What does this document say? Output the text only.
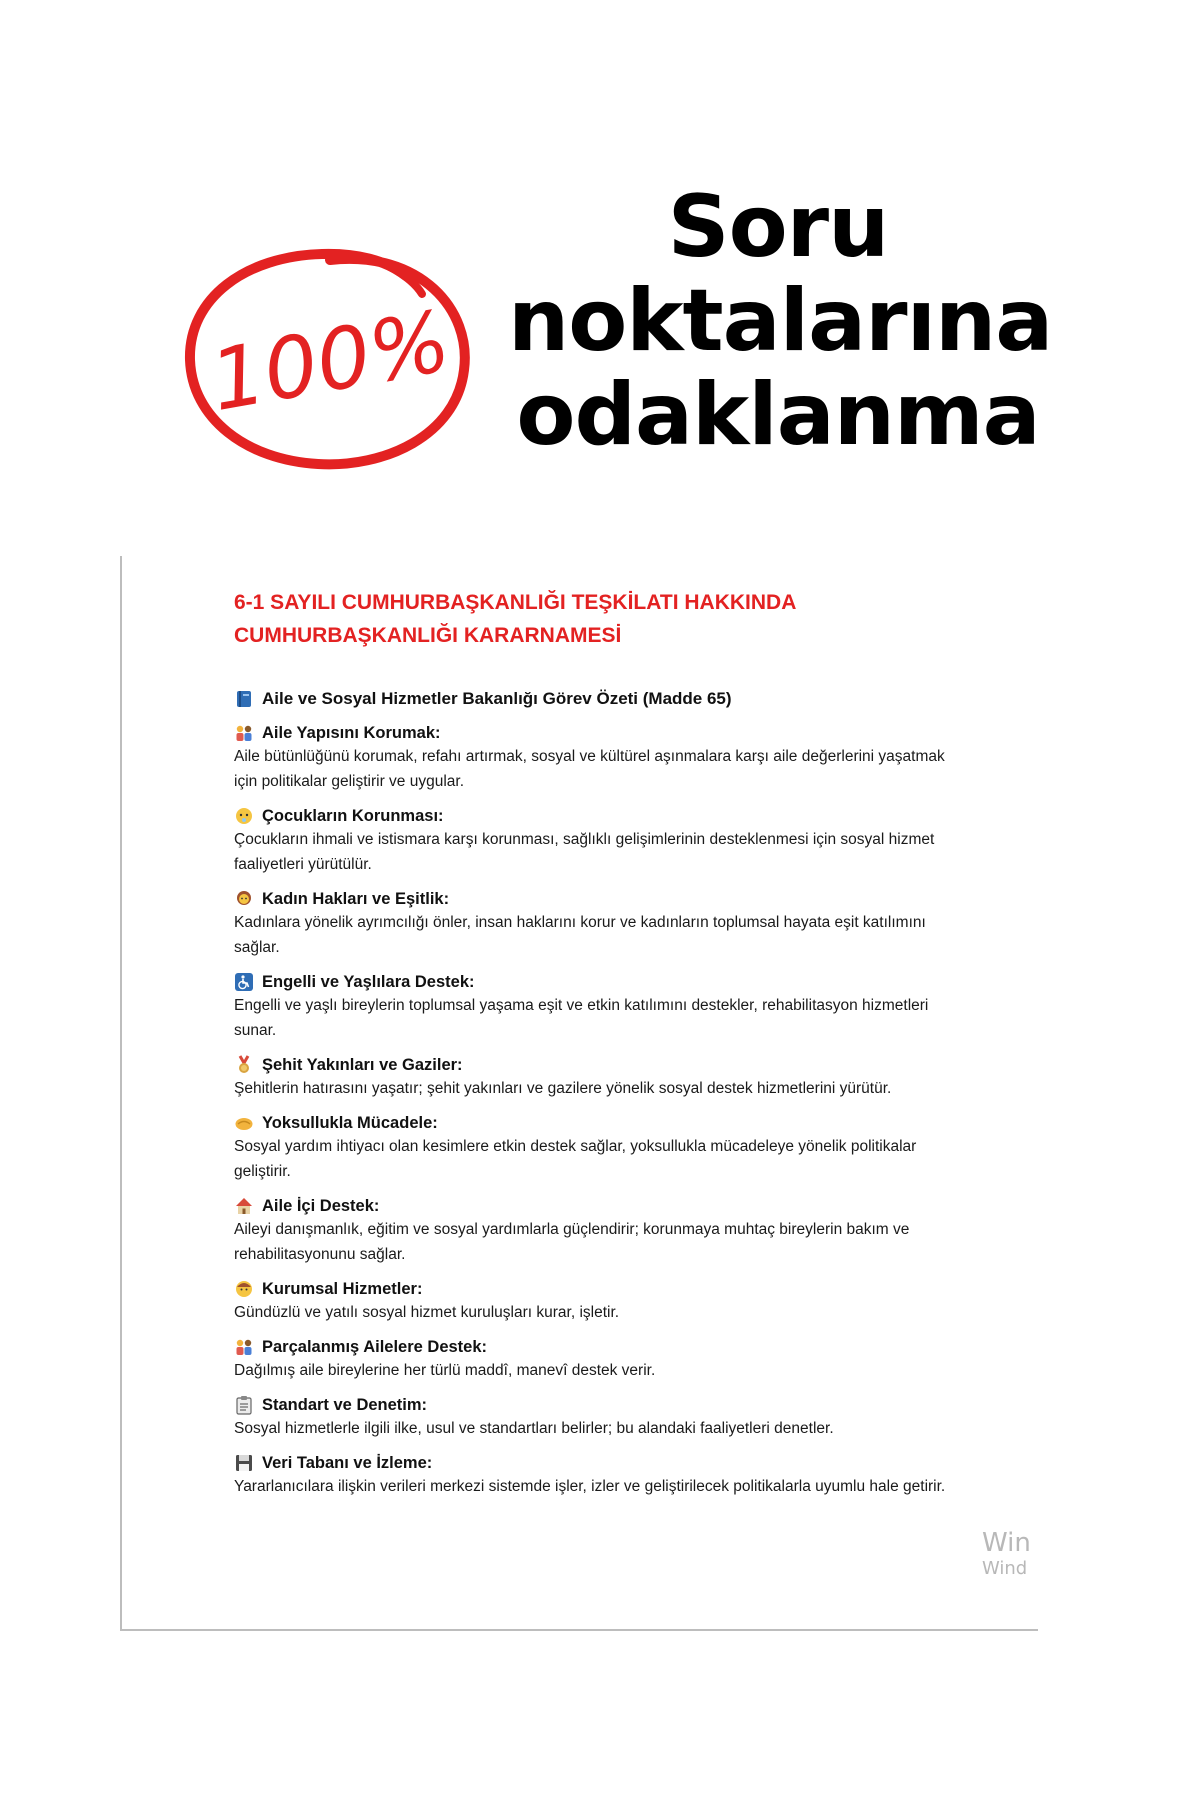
100%
Soru
noktalarına
odaklanma
6-1 SAYILI CUMHURBAŞKANLIĞI TEŞKİLATI HAKKINDA
CUMHURBAŞKANLIĞI KARARNAMESİ
Aile ve Sosyal Hizmetler Bakanlığı Görev Özeti (Madde 65)
Aile Yapısını Korumak:
Aile bütünlüğünü korumak, refahı artırmak, sosyal ve kültürel aşınmalara karşı aile değerlerini yaşatmak için politikalar geliştirir ve uygular.
Çocukların Korunması:
Çocukların ihmali ve istismara karşı korunması, sağlıklı gelişimlerinin desteklenmesi için sosyal hizmet faaliyetleri yürütülür.
Kadın Hakları ve Eşitlik:
Kadınlara yönelik ayrımcılığı önler, insan haklarını korur ve kadınların toplumsal hayata eşit katılımını sağlar.
Engelli ve Yaşlılara Destek:
Engelli ve yaşlı bireylerin toplumsal yaşama eşit ve etkin katılımını destekler, rehabilitasyon hizmetleri sunar.
Şehit Yakınları ve Gaziler:
Şehitlerin hatırasını yaşatır; şehit yakınları ve gazilere yönelik sosyal destek hizmetlerini yürütür.
Yoksullukla Mücadele:
Sosyal yardım ihtiyacı olan kesimlere etkin destek sağlar, yoksullukla mücadeleye yönelik politikalar geliştirir.
Aile İçi Destek:
Aileyi danışmanlık, eğitim ve sosyal yardımlarla güçlendirir; korunmaya muhtaç bireylerin bakım ve rehabilitasyonunu sağlar.
Kurumsal Hizmetler:
Gündüzlü ve yatılı sosyal hizmet kuruluşları kurar, işletir.
Parçalanmış Ailelere Destek:
Dağılmış aile bireylerine her türlü maddî, manevî destek verir.
Standart ve Denetim:
Sosyal hizmetlerle ilgili ilke, usul ve standartları belirler; bu alandaki faaliyetleri denetler.
Veri Tabanı ve İzleme:
Yararlanıcılara ilişkin verileri merkezi sistemde işler, izler ve geliştirilecek politikalarla uyumlu hale getirir.
Win
Wind
